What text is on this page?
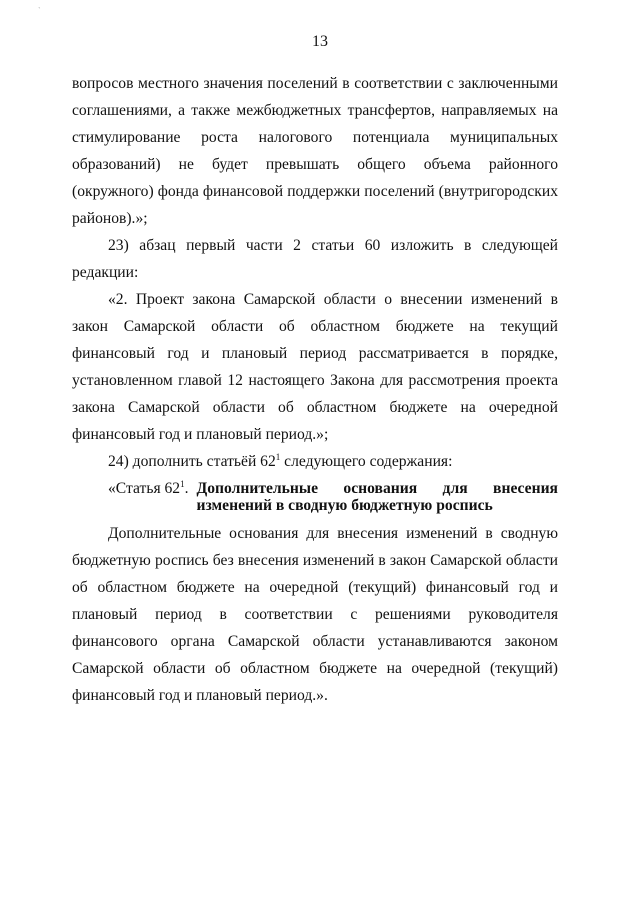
`
13

вопросов местного значения поселений в соответствии с заключенными соглашениями, а также межбюджетных трансфертов, направляемых на стимулирование роста налогового потенциала муниципальных образований) не будет превышать общего объема районного (окружного) фонда финансовой поддержки поселений (внутригородских районов).»;

23) абзац первый части 2 статьи 60 изложить в следующей редакции:

«2. Проект закона Самарской области о внесении изменений в закон Самарской области об областном бюджете на текущий финансовый год и плановый период рассматривается в порядке, установленном главой 12 настоящего Закона для рассмотрения проекта закона Самарской области об областном бюджете на очередной финансовый год и плановый период.»;

24) дополнить статьёй $62^1$ следующего содержания:

«Статья $62^1$. Дополнительные основания для внесения изменений в сводную бюджетную роспись

Дополнительные основания для внесения изменений в сводную бюджетную роспись без внесения изменений в закон Самарской области об областном бюджете на очередной (текущий) финансовый год и плановый период в соответствии с решениями руководителя финансового органа Самарской области устанавливаются законом Самарской области об областном бюджете на очередной (текущий) финансовый год и плановый период.».
